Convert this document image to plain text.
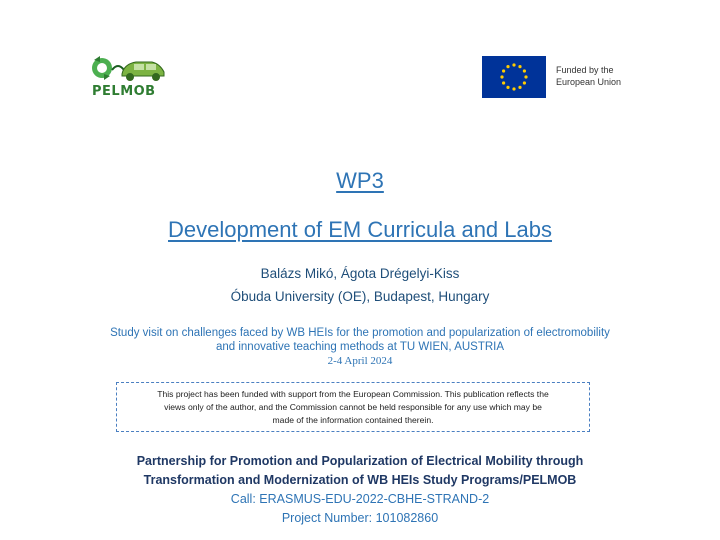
PELMOB
Funded by the
European Union
WP3
Development of EM Curricula and Labs
Balázs Mikó, Ágota Drégelyi-Kiss
Óbuda University (OE), Budapest, Hungary
Study visit on challenges faced by WB HEIs for the promotion and popularization of electromobility
and innovative teaching methods at TU WIEN, AUSTRIA
2-4 April 2024
This project has been funded with support from the European Commission. This publication reflects the
views only of the author, and the Commission cannot be held responsible for any use which may be
made of the information contained therein.
Partnership for Promotion and Popularization of Electrical Mobility through
Transformation and Modernization of WB HEIs Study Programs/PELMOB
Call: ERASMUS-EDU-2022-CBHE-STRAND-2
Project Number: 101082860
